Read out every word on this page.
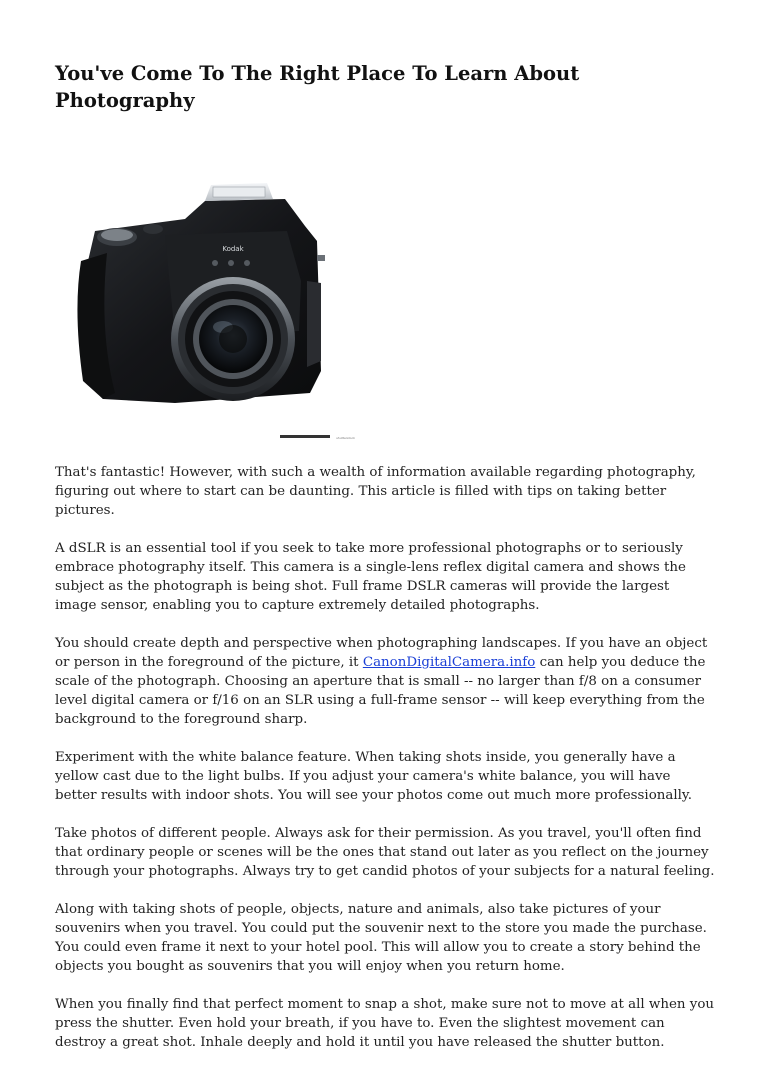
You've Come To The Right Place To Learn About Photography
Kodak
shutterstock

That's fantastic! However, with such a wealth of information available regarding photography, figuring out where to start can be daunting. This article is filled with tips on taking better pictures.

A dSLR is an essential tool if you seek to take more professional photographs or to seriously embrace photography itself. This camera is a single-lens reflex digital camera and shows the subject as the photograph is being shot. Full frame DSLR cameras will provide the largest image sensor, enabling you to capture extremely detailed photographs.

You should create depth and perspective when photographing landscapes. If you have an object or person in the foreground of the picture, it CanonDigitalCamera.info can help you deduce the scale of the photograph. Choosing an aperture that is small -- no larger than f/8 on a consumer level digital camera or f/16 on an SLR using a full-frame sensor -- will keep everything from the background to the foreground sharp.

Experiment with the white balance feature. When taking shots inside, you generally have a yellow cast due to the light bulbs. If you adjust your camera's white balance, you will have better results with indoor shots. You will see your photos come out much more professionally.

Take photos of different people. Always ask for their permission. As you travel, you'll often find that ordinary people or scenes will be the ones that stand out later as you reflect on the journey through your photographs. Always try to get candid photos of your subjects for a natural feeling.

Along with taking shots of people, objects, nature and animals, also take pictures of your souvenirs when you travel. You could put the souvenir next to the store you made the purchase. You could even frame it next to your hotel pool. This will allow you to create a story behind the objects you bought as souvenirs that you will enjoy when you return home.

When you finally find that perfect moment to snap a shot, make sure not to move at all when you press the shutter. Even hold your breath, if you have to. Even the slightest movement can destroy a great shot. Inhale deeply and hold it until you have released the shutter button.
